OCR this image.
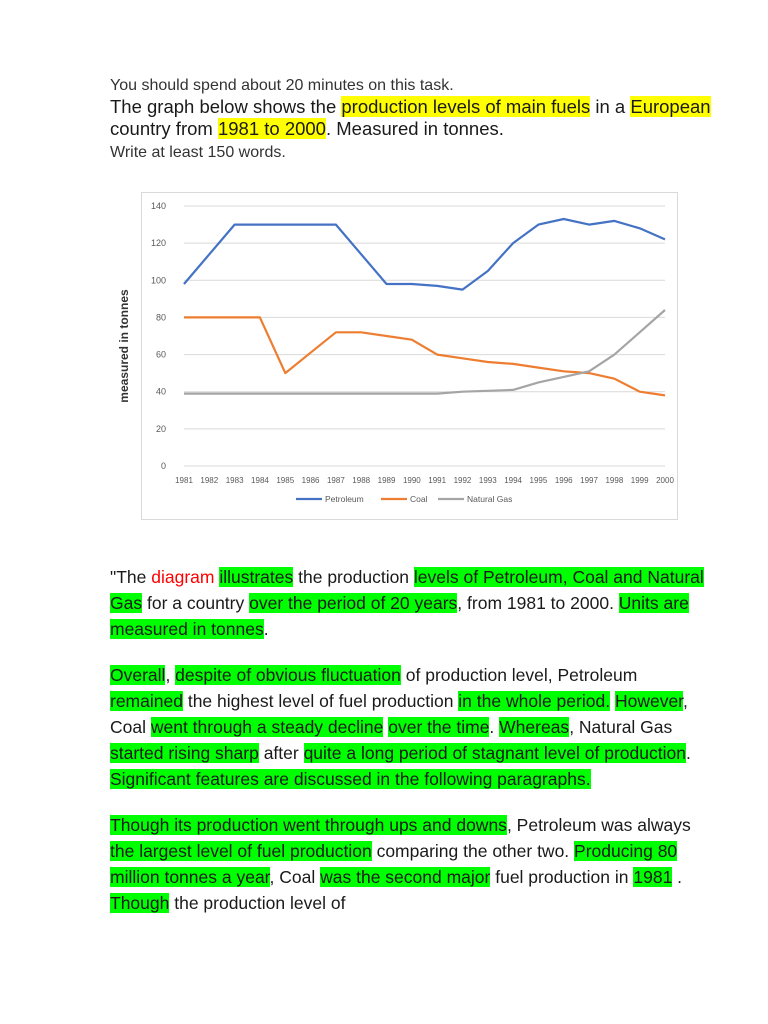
You should spend about 20 minutes on this task.
The graph below shows the production levels of main fuels in a European country from 1981 to 2000. Measured in tonnes.
Write at least 150 words.
0
20
40
60
80
100
120
140
1981 1982 1983 1984 1985 1986 1987 1988 1989 1990 1991 1992 1993 1994 1995 1996 1997 1998 1999 2000
measured in tonnes
Petroleum	Coal	Natural Gas

"The diagram illustrates the production levels of Petroleum, Coal and Natural Gas for a country over the period of 20 years, from 1981 to 2000. Units are measured in tonnes.

Overall, despite of obvious fluctuation of production level, Petroleum remained the highest level of fuel production in the whole period. However, Coal went through a steady decline over the time. Whereas, Natural Gas started rising sharp after quite a long period of stagnant level of production. Significant features are discussed in the following paragraphs.

Though its production went through ups and downs, Petroleum was always the largest level of fuel production comparing the other two. Producing 80 million tonnes a year, Coal was the second major fuel production in 1981 . Though the production level of
